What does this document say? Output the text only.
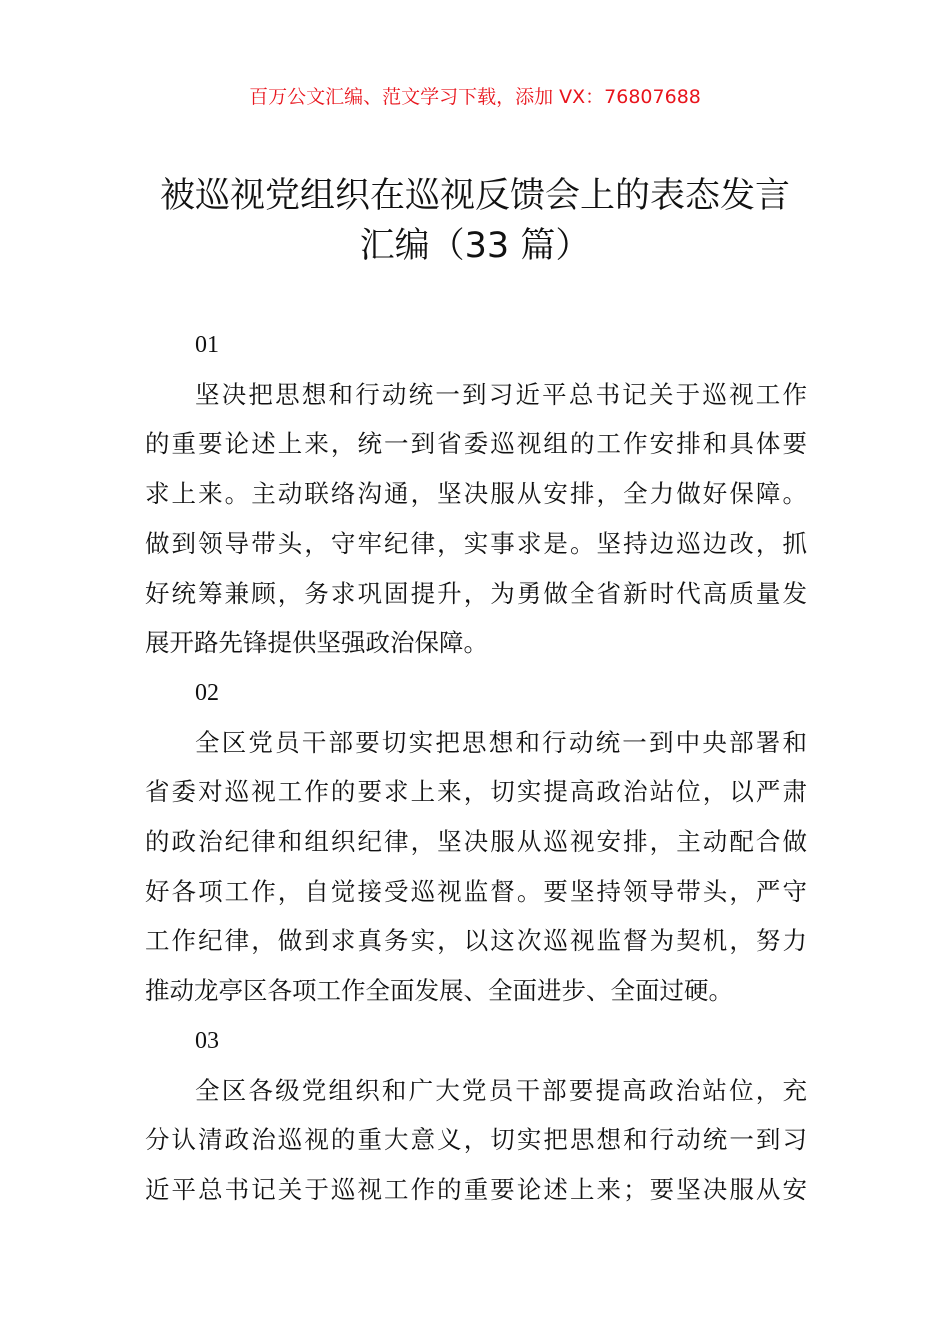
百万公文汇编、范文学习下载，添加 VX：76807688
被巡视党组织在巡视反馈会上的表态发言
汇编（33 篇）
01
坚决把思想和行动统一到习近平总书记关于巡视工作
的重要论述上来，统一到省委巡视组的工作安排和具体要
求上来。主动联络沟通，坚决服从安排，全力做好保障。
做到领导带头，守牢纪律，实事求是。坚持边巡边改，抓
好统筹兼顾，务求巩固提升，为勇做全省新时代高质量发
展开路先锋提供坚强政治保障。
02
全区党员干部要切实把思想和行动统一到中央部署和
省委对巡视工作的要求上来，切实提高政治站位，以严肃
的政治纪律和组织纪律，坚决服从巡视安排，主动配合做
好各项工作，自觉接受巡视监督。要坚持领导带头，严守
工作纪律，做到求真务实，以这次巡视监督为契机，努力
推动龙亭区各项工作全面发展、全面进步、全面过硬。
03
全区各级党组织和广大党员干部要提高政治站位，充
分认清政治巡视的重大意义，切实把思想和行动统一到习
近平总书记关于巡视工作的重要论述上来；要坚决服从安
